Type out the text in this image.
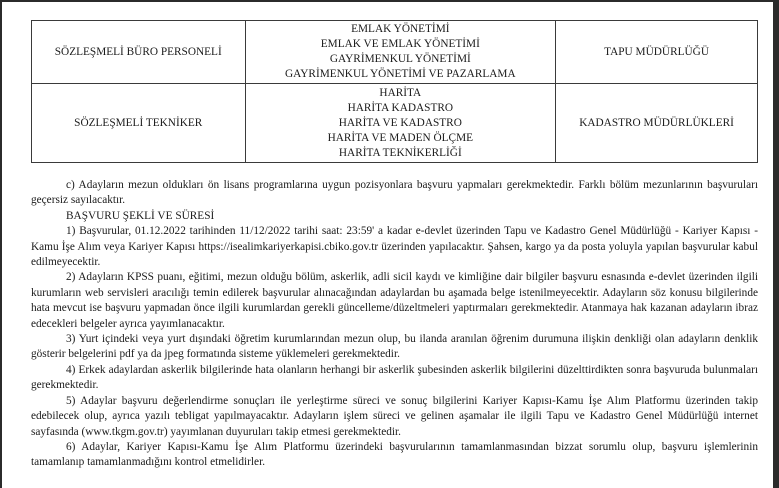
SÖZLEŞMELİ BÜRO PERSONELİ	EMLAK YÖNETİMİ
EMLAK VE EMLAK YÖNETİMİ
GAYRİMENKUL YÖNETİMİ
GAYRİMENKUL YÖNETİMİ VE PAZARLAMA	TAPU MÜDÜRLÜĞÜ
SÖZLEŞMELİ TEKNİKER	HARİTA
HARİTA KADASTRO
HARİTA VE KADASTRO
HARİTA VE MADEN ÖLÇME
HARİTA TEKNİKERLİĞİ	KADASTRO MÜDÜRLÜKLERİ

c) Adayların mezun oldukları ön lisans programlarına uygun pozisyonlara başvuru yapmaları gerekmektedir. Farklı bölüm mezunlarının başvuruları geçersiz sayılacaktır.

BAŞVURU ŞEKLİ VE SÜRESİ

1) Başvurular, 01.12.2022 tarihinden 11/12/2022 tarihi saat: 23:59' a kadar e-devlet üzerinden Tapu ve Kadastro Genel Müdürlüğü - Kariyer Kapısı - Kamu İşe Alım veya Kariyer Kapısı https://isealimkariyerkapisi.cbiko.gov.tr üzerinden yapılacaktır. Şahsen, kargo ya da posta yoluyla yapılan başvurular kabul edilmeyecektir.

2) Adayların KPSS puanı, eğitimi, mezun olduğu bölüm, askerlik, adli sicil kaydı ve kimliğine dair bilgiler başvuru esnasında e-devlet üzerinden ilgili kurumların web servisleri aracılığı temin edilerek başvurular alınacağından adaylardan bu aşamada belge istenilmeyecektir. Adayların söz konusu bilgilerinde hata mevcut ise başvuru yapmadan önce ilgili kurumlardan gerekli güncelleme/düzeltmeleri yaptırmaları gerekmektedir. Atanmaya hak kazanan adayların ibraz edecekleri belgeler ayrıca yayımlanacaktır.

3) Yurt içindeki veya yurt dışındaki öğretim kurumlarından mezun olup, bu ilanda aranılan öğrenim durumuna ilişkin denkliği olan adayların denklik gösterir belgelerini pdf ya da jpeg formatında sisteme yüklemeleri gerekmektedir.

4) Erkek adaylardan askerlik bilgilerinde hata olanların herhangi bir askerlik şubesinden askerlik bilgilerini düzelttirdikten sonra başvuruda bulunmaları gerekmektedir.

5) Adaylar başvuru değerlendirme sonuçları ile yerleştirme süreci ve sonuç bilgilerini Kariyer Kapısı-Kamu İşe Alım Platformu üzerinden takip edebilecek olup, ayrıca yazılı tebligat yapılmayacaktır. Adayların işlem süreci ve gelinen aşamalar ile ilgili Tapu ve Kadastro Genel Müdürlüğü internet sayfasında (www.tkgm.gov.tr) yayımlanan duyuruları takip etmesi gerekmektedir.

6) Adaylar, Kariyer Kapısı-Kamu İşe Alım Platformu üzerindeki başvurularının tamamlanmasından bizzat sorumlu olup, başvuru işlemlerinin tamamlanıp tamamlanmadığını kontrol etmelidirler.
